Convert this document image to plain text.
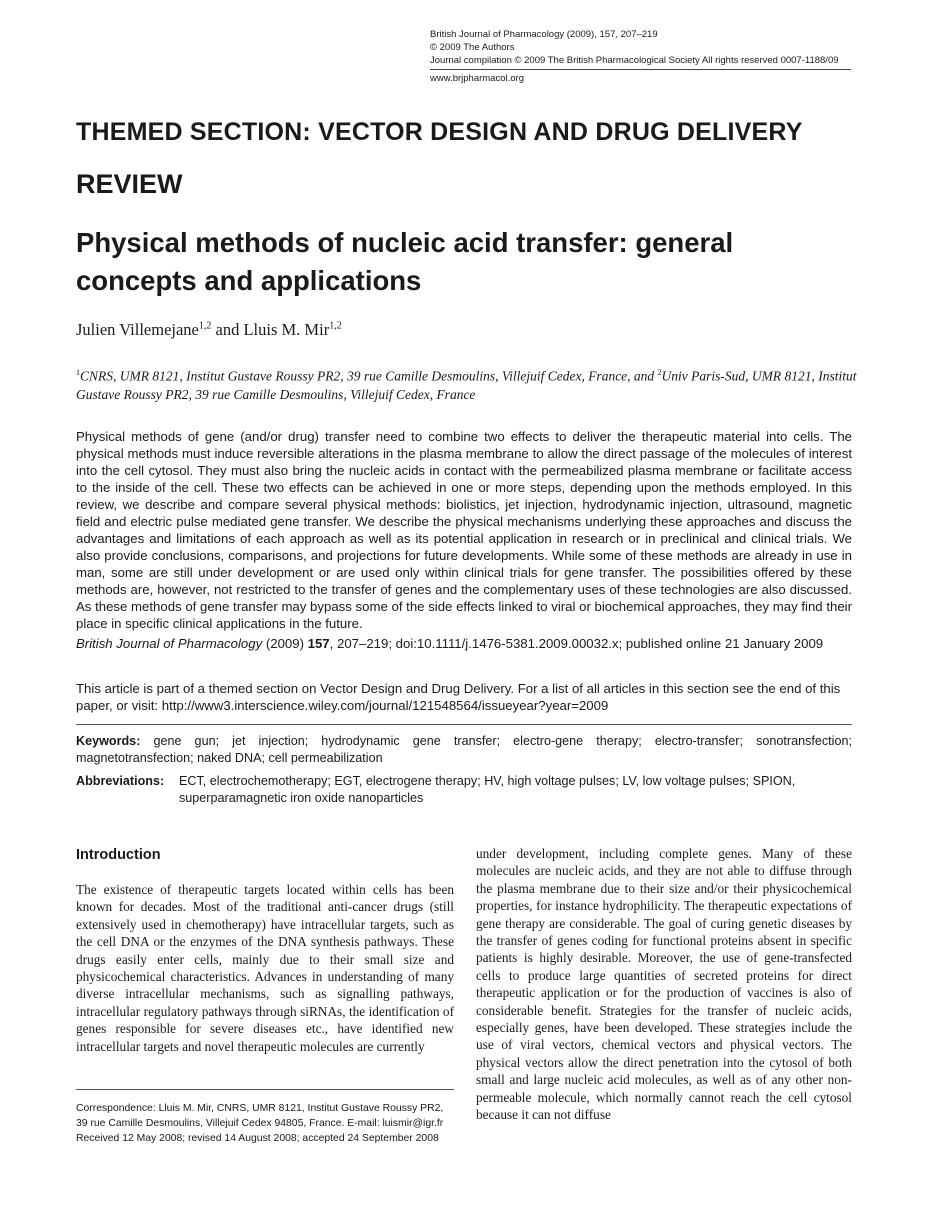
British Journal of Pharmacology (2009), 157, 207–219
© 2009 The Authors
Journal compilation © 2009 The British Pharmacological Society All rights reserved 0007-1188/09
www.brjpharmacol.org
THEMED SECTION: VECTOR DESIGN AND DRUG DELIVERY
REVIEW
Physical methods of nucleic acid transfer: general concepts and applications
Julien Villemejane$^{1,2}$ and Lluis M. Mir$^{1,2}$
$^1$CNRS, UMR 8121, Institut Gustave Roussy PR2, 39 rue Camille Desmoulins, Villejuif Cedex, France, and $^2$Univ Paris-Sud, UMR 8121, Institut Gustave Roussy PR2, 39 rue Camille Desmoulins, Villejuif Cedex, France
Physical methods of gene (and/or drug) transfer need to combine two effects to deliver the therapeutic material into cells. The physical methods must induce reversible alterations in the plasma membrane to allow the direct passage of the molecules of interest into the cell cytosol. They must also bring the nucleic acids in contact with the permeabilized plasma membrane or facilitate access to the inside of the cell. These two effects can be achieved in one or more steps, depending upon the methods employed. In this review, we describe and compare several physical methods: biolistics, jet injection, hydrodynamic injection, ultrasound, magnetic field and electric pulse mediated gene transfer. We describe the physical mechanisms underlying these approaches and discuss the advantages and limitations of each approach as well as its potential application in research or in preclinical and clinical trials. We also provide conclusions, comparisons, and projections for future developments. While some of these methods are already in use in man, some are still under development or are used only within clinical trials for gene transfer. The possibilities offered by these methods are, however, not restricted to the transfer of genes and the complementary uses of these technologies are also discussed. As these methods of gene transfer may bypass some of the side effects linked to viral or biochemical approaches, they may find their place in specific clinical applications in the future.
British Journal of Pharmacology (2009) 157, 207–219; doi:10.1111/j.1476-5381.2009.00032.x; published online 21 January 2009
This article is part of a themed section on Vector Design and Drug Delivery. For a list of all articles in this section see the end of this paper, or visit: http://www3.interscience.wiley.com/journal/121548564/issueyear?year=2009
Keywords: gene gun; jet injection; hydrodynamic gene transfer; electro-gene therapy; electro-transfer; sonotransfection; magnetotransfection; naked DNA; cell permeabilization
Abbreviations: ECT, electrochemotherapy; EGT, electrogene therapy; HV, high voltage pulses; LV, low voltage pulses; SPION, superparamagnetic iron oxide nanoparticles
Introduction

The existence of therapeutic targets located within cells has been known for decades. Most of the traditional anti-cancer drugs (still extensively used in chemotherapy) have intracellular targets, such as the cell DNA or the enzymes of the DNA synthesis pathways. These drugs easily enter cells, mainly due to their small size and physicochemical characteristics. Advances in understanding of many diverse intracellular mechanisms, such as signalling pathways, intracellular regulatory pathways through siRNAs, the identification of genes responsible for severe diseases etc., have identified new intracellular targets and novel therapeutic molecules are currently

under development, including complete genes. Many of these molecules are nucleic acids, and they are not able to diffuse through the plasma membrane due to their size and/or their physicochemical properties, for instance hydrophilicity. The therapeutic expectations of gene therapy are considerable. The goal of curing genetic diseases by the transfer of genes coding for functional proteins absent in specific patients is highly desirable. Moreover, the use of gene-transfected cells to produce large quantities of secreted proteins for direct therapeutic application or for the production of vaccines is also of considerable benefit. Strategies for the transfer of nucleic acids, especially genes, have been developed. These strategies include the use of viral vectors, chemical vectors and physical vectors. The physical vectors allow the direct penetration into the cytosol of both small and large nucleic acid molecules, as well as of any other non-permeable molecule, which normally cannot reach the cell cytosol because it can not diffuse

Correspondence: Lluis M. Mir, CNRS, UMR 8121, Institut Gustave Roussy PR2,
39 rue Camille Desmoulins, Villejuif Cedex 94805, France. E-mail: luismir@igr.fr
Received 12 May 2008; revised 14 August 2008; accepted 24 September 2008
